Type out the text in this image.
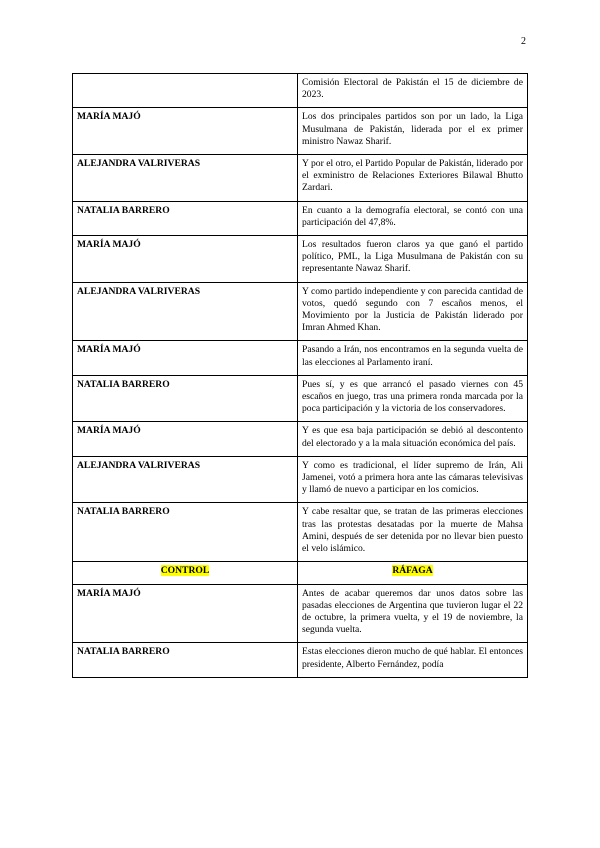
2
	Comisión Electoral de Pakistán el 15 de diciembre de 2023.
MARÍA MAJÓ	Los dos principales partidos son por un lado, la Liga Musulmana de Pakistán, liderada por el ex primer ministro Nawaz Sharif.
ALEJANDRA VALRIVERAS	Y por el otro, el Partido Popular de Pakistán, liderado por el exministro de Relaciones Exteriores Bilawal Bhutto Zardari.
NATALIA BARRERO	En cuanto a la demografía electoral, se contó con una participación del 47,8%.
MARÍA MAJÓ	Los resultados fueron claros ya que ganó el partido político, PML, la Liga Musulmana de Pakistán con su representante Nawaz Sharif.
ALEJANDRA VALRIVERAS	Y como partido independiente y con parecida cantidad de votos, quedó segundo con 7 escaños menos, el Movimiento por la Justicia de Pakistán liderado por Imran Ahmed Khan.
MARÍA MAJÓ	Pasando a Irán, nos encontramos en la segunda vuelta de las elecciones al Parlamento iraní.
NATALIA BARRERO	Pues sí, y es que arrancó el pasado viernes con 45 escaños en juego, tras una primera ronda marcada por la poca participación y la victoria de los conservadores.
MARÍA MAJÓ	Y es que esa baja participación se debió al descontento del electorado y a la mala situación económica del país.
ALEJANDRA VALRIVERAS	Y como es tradicional, el líder supremo de Irán, Ali Jamenei, votó a primera hora ante las cámaras televisivas y llamó de nuevo a participar en los comicios.
NATALIA BARRERO	Y cabe resaltar que, se tratan de las primeras elecciones tras las protestas desatadas por la muerte de Mahsa Amini, después de ser detenida por no llevar bien puesto el velo islámico.
CONTROL	RÁFAGA
MARÍA MAJÓ	Antes de acabar queremos dar unos datos sobre las pasadas elecciones de Argentina que tuvieron lugar el 22 de octubre, la primera vuelta, y el 19 de noviembre, la segunda vuelta.
NATALIA BARRERO	Estas elecciones dieron mucho de qué hablar. El entonces presidente, Alberto Fernández, podía
